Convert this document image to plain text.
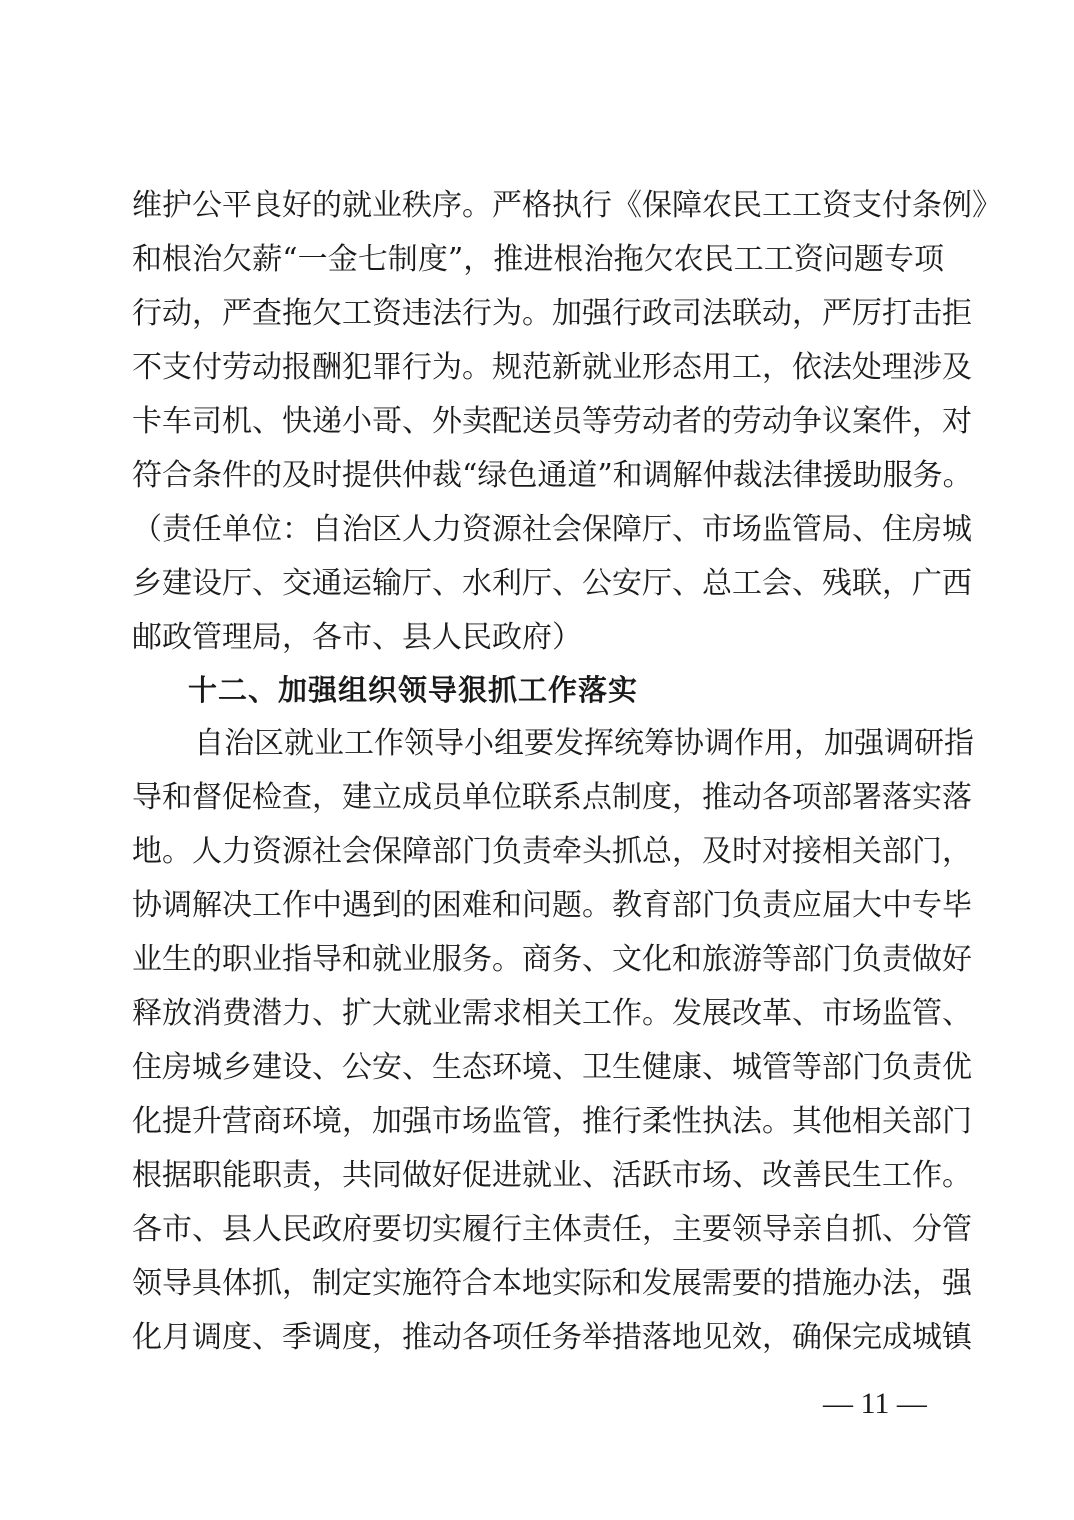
维护公平良好的就业秩序。严格执行《保障农民工工资支付条例》
和根治欠薪“一金七制度”，推进根治拖欠农民工工资问题专项
行动，严查拖欠工资违法行为。加强行政司法联动，严厉打击拒
不支付劳动报酬犯罪行为。规范新就业形态用工，依法处理涉及
卡车司机、快递小哥、外卖配送员等劳动者的劳动争议案件，对
符合条件的及时提供仲裁“绿色通道”和调解仲裁法律援助服务。
（责任单位：自治区人力资源社会保障厅、市场监管局、住房城
乡建设厅、交通运输厅、水利厅、公安厅、总工会、残联，广西
邮政管理局，各市、县人民政府）
十二、加强组织领导狠抓工作落实
自治区就业工作领导小组要发挥统筹协调作用，加强调研指
导和督促检查，建立成员单位联系点制度，推动各项部署落实落
地。人力资源社会保障部门负责牵头抓总，及时对接相关部门，
协调解决工作中遇到的困难和问题。教育部门负责应届大中专毕
业生的职业指导和就业服务。商务、文化和旅游等部门负责做好
释放消费潜力、扩大就业需求相关工作。发展改革、市场监管、
住房城乡建设、公安、生态环境、卫生健康、城管等部门负责优
化提升营商环境，加强市场监管，推行柔性执法。其他相关部门
根据职能职责，共同做好促进就业、活跃市场、改善民生工作。
各市、县人民政府要切实履行主体责任，主要领导亲自抓、分管
领导具体抓，制定实施符合本地实际和发展需要的措施办法，强
化月调度、季调度，推动各项任务举措落地见效，确保完成城镇
— 11 —
